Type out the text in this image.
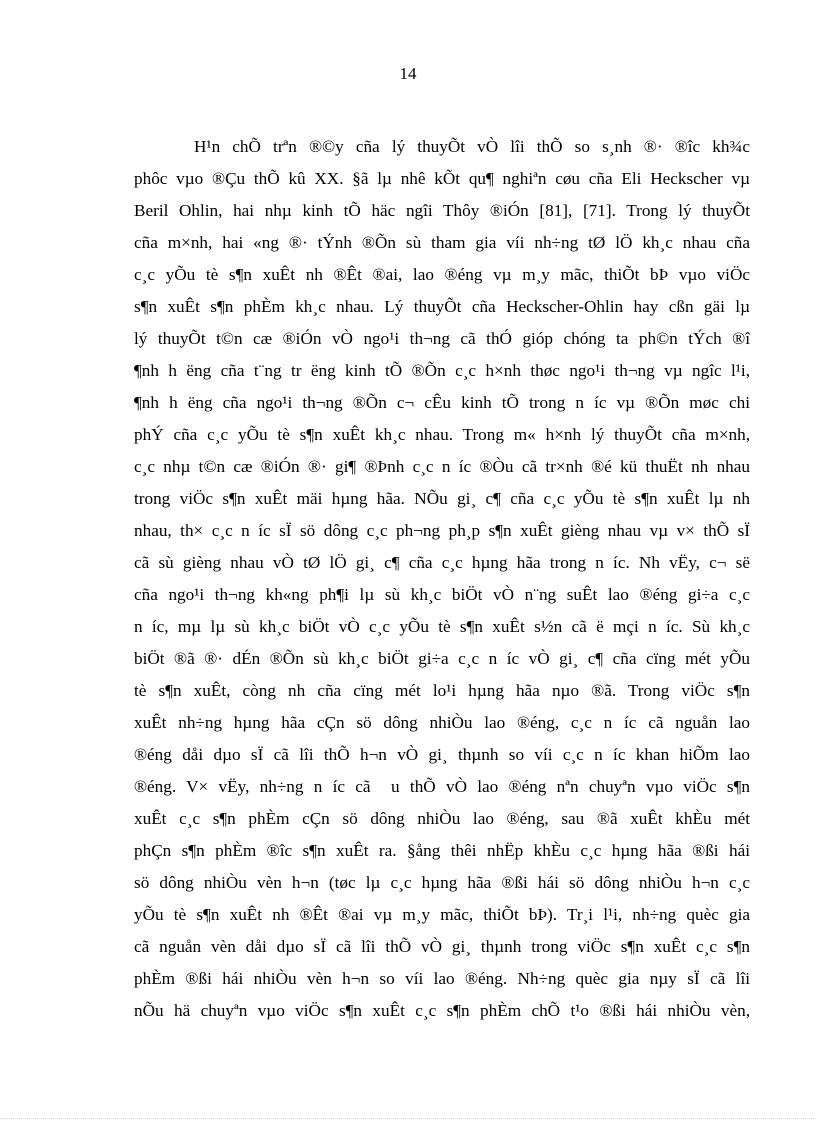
14
H¹n chÕ trªn ®©y cña lý thuyÕt vÒ lîi thÕ so s¸nh ®· ®îc kh¾c
phôc vµo ®Çu thÕ kû XX. §ã lµ nhê kÕt qu¶ nghiªn cøu cña Eli Heckscher vµ
Beril Ohlin, hai nhµ kinh tÕ häc ngîi Thôy ®iÓn [81], [71]. Trong lý thuyÕt
cña m×nh, hai «ng ®· tÝnh ®Õn sù tham gia víi nh÷ng tØ lÖ kh¸c nhau cña
c¸c yÕu tè s¶n xuÊt nh ®Êt ®ai, lao ®éng vµ m¸y mãc, thiÕt bÞ vµo viÖc
s¶n xuÊt s¶n phÈm kh¸c nhau. Lý thuyÕt cña Heckscher-Ohlin hay cßn gäi lµ
lý thuyÕt t©n cæ ®iÓn vÒ ngo¹i th¬ng cã thÓ gióp chóng ta ph©n tÝch ®î
¶nh h ëng cña t¨ng tr ëng kinh tÕ ®Õn c¸c h×nh thøc ngo¹i th¬ng vµ ngîc l¹i,
¶nh h ëng cña ngo¹i th¬ng ®Õn c¬ cÊu kinh tÕ trong n íc vµ ®Õn møc chi
phÝ cña c¸c yÕu tè s¶n xuÊt kh¸c nhau. Trong m« h×nh lý thuyÕt cña m×nh,
c¸c nhµ t©n cæ ®iÓn ®· gi¶ ®Þnh c¸c n íc ®Òu cã tr×nh ®é kü thuËt nh nhau
trong viÖc s¶n xuÊt mäi hµng hãa. NÕu gi¸ c¶ cña c¸c yÕu tè s¶n xuÊt lµ nh
nhau, th× c¸c n íc sÏ sö dông c¸c ph¬ng ph¸p s¶n xuÊt gièng nhau vµ v× thÕ sÏ
cã sù gièng nhau vÒ tØ lÖ gi¸ c¶ cña c¸c hµng hãa trong n íc. Nh vËy, c¬ së
cña ngo¹i th¬ng kh«ng ph¶i lµ sù kh¸c biÖt vÒ n¨ng suÊt lao ®éng gi÷a c¸c
n íc, mµ lµ sù kh¸c biÖt vÒ c¸c yÕu tè s¶n xuÊt s½n cã ë mçi n íc. Sù kh¸c
biÖt ®ã ®· dÉn ®Õn sù kh¸c biÖt gi÷a c¸c n íc vÒ gi¸ c¶ cña cïng mét yÕu
tè s¶n xuÊt, còng nh cña cïng mét lo¹i hµng hãa nµo ®ã. Trong viÖc s¶n
xuÊt nh÷ng hµng hãa cÇn sö dông nhiÒu lao ®éng, c¸c n íc cã nguån lao
®éng dåi dµo sÏ cã lîi thÕ h¬n vÒ gi¸ thµnh so víi c¸c n íc khan hiÕm lao
®éng. V× vËy, nh÷ng n íc cã u thÕ vÒ lao ®éng nªn chuyªn vµo viÖc s¶n
xuÊt c¸c s¶n phÈm cÇn sö dông nhiÒu lao ®éng, sau ®ã xuÊt khÈu mét
phÇn s¶n phÈm ®îc s¶n xuÊt ra. §ång thêi nhËp khÈu c¸c hµng hãa ®ßi hái
sö dông nhiÒu vèn h¬n (tøc lµ c¸c hµng hãa ®ßi hái sö dông nhiÒu h¬n c¸c
yÕu tè s¶n xuÊt nh ®Êt ®ai vµ m¸y mãc, thiÕt bÞ). Tr¸i l¹i, nh÷ng quèc gia
cã nguån vèn dåi dµo sÏ cã lîi thÕ vÒ gi¸ thµnh trong viÖc s¶n xuÊt c¸c s¶n
phÈm ®ßi hái nhiÒu vèn h¬n so víi lao ®éng. Nh÷ng quèc gia nµy sÏ cã lîi
nÕu hä chuyªn vµo viÖc s¶n xuÊt c¸c s¶n phÈm chÕ t¹o ®ßi hái nhiÒu vèn,
